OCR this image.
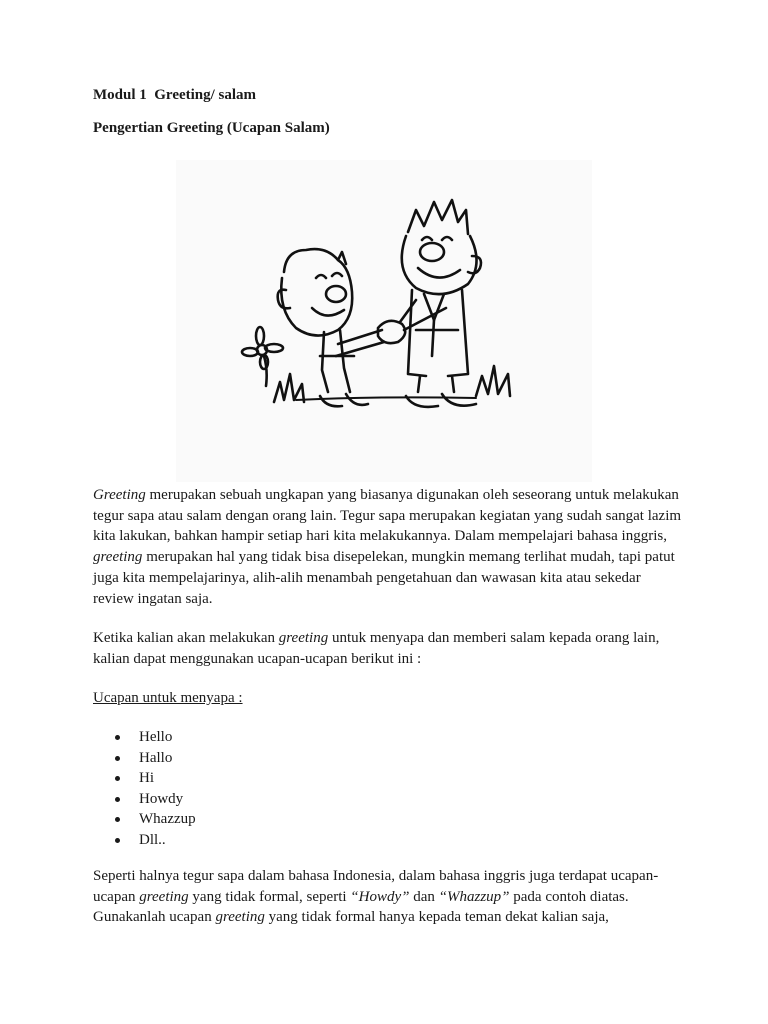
Modul 1  Greeting/ salam
Pengertian Greeting (Ucapan Salam)

Greeting merupakan sebuah ungkapan yang biasanya digunakan oleh seseorang untuk melakukan tegur sapa atau salam dengan orang lain. Tegur sapa merupakan kegiatan yang sudah sangat lazim kita lakukan, bahkan hampir setiap hari kita melakukannya. Dalam mempelajari bahasa inggris, greeting merupakan hal yang tidak bisa disepelekan, mungkin memang terlihat mudah, tapi patut juga kita mempelajarinya, alih-alih menambah pengetahuan dan wawasan kita atau sekedar review ingatan saja.

Ketika kalian akan melakukan greeting untuk menyapa dan memberi salam kepada orang lain, kalian dapat menggunakan ucapan-ucapan berikut ini :

Ucapan untuk menyapa :
Hello
Hallo
Hi
Howdy
Whazzup
Dll..

Seperti halnya tegur sapa dalam bahasa Indonesia, dalam bahasa inggris juga terdapat ucapan-ucapan greeting yang tidak formal, seperti “Howdy” dan “Whazzup” pada contoh diatas. Gunakanlah ucapan greeting yang tidak formal hanya kepada teman dekat kalian saja,
